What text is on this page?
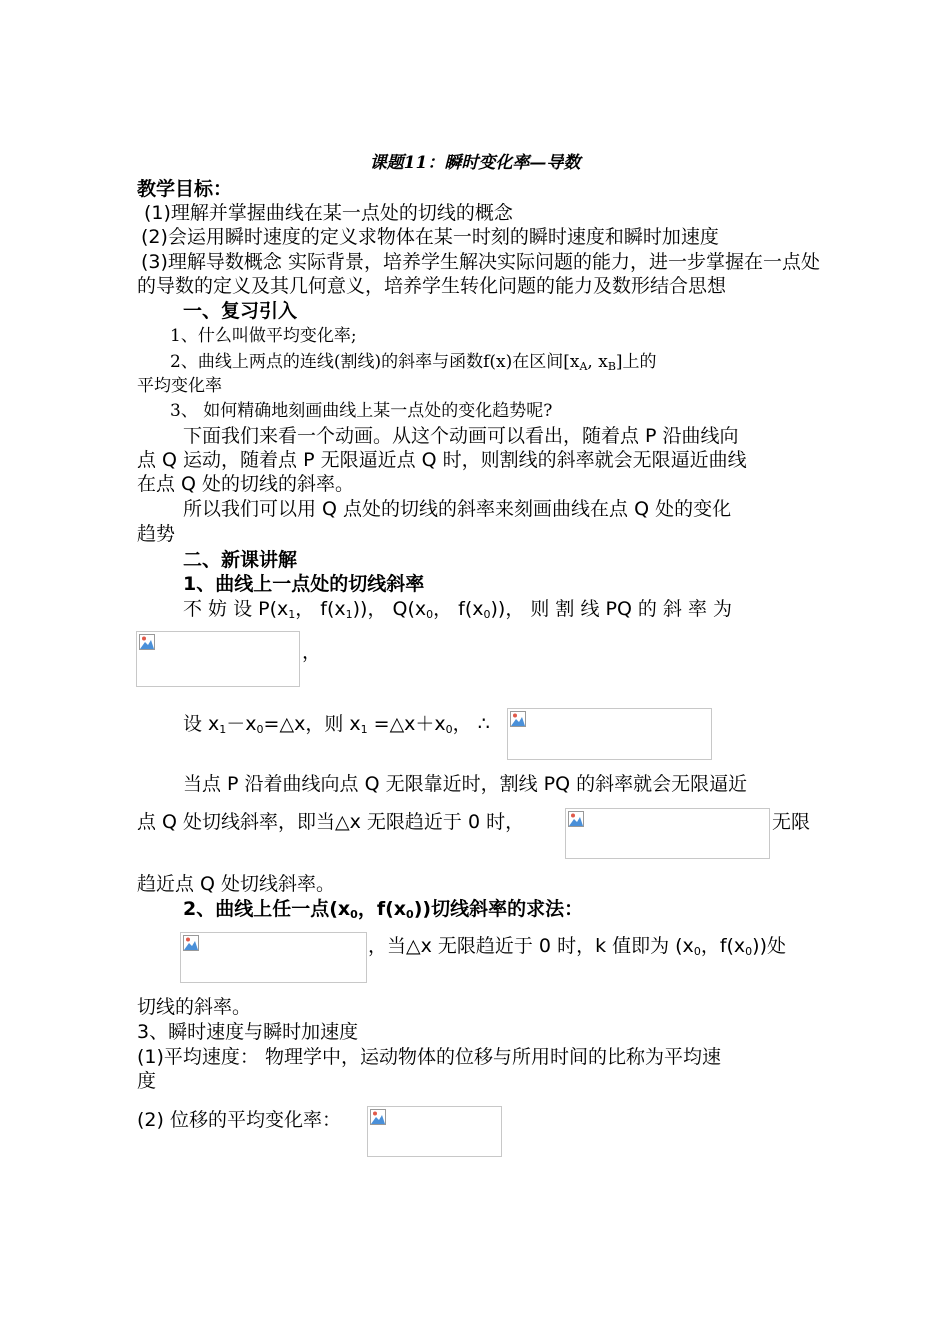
课题11：瞬时变化率—导数
教学目标：
(1)理解并掌握曲线在某一点处的切线的概念
(2)会运用瞬时速度的定义求物体在某一时刻的瞬时速度和瞬时加速度
(3)理解导数概念 实际背景，培养学生解决实际问题的能力，进一步掌握在一点处
的导数的定义及其几何意义，培养学生转化问题的能力及数形结合思想
一、复习引入
1、什么叫做平均变化率;
2、曲线上两点的连线(割线)的斜率与函数f(x)在区间[$x_A$, $x_B$]上的
平均变化率
3、 如何精确地刻画曲线上某一点处的变化趋势呢?
下面我们来看一个动画。从这个动画可以看出，随着点 P 沿曲线向
点 Q 运动，随着点 P 无限逼近点 Q 时，则割线的斜率就会无限逼近曲线
在点 Q 处的切线的斜率。
所以我们可以用 Q 点处的切线的斜率来刻画曲线在点 Q 处的变化
趋势
二、新课讲解
1、曲线上一点处的切线斜率
不 妨 设 $P(x_1$， $f(x_1)$)， $Q(x_0$， $f(x_0)$)， 则 割 线 PQ 的 斜 率 为
，
设 $x_1-x_0=\triangle x$，则 $x_1$ $=\triangle x+x_0$， ∴
当点 P 沿着曲线向点 Q 无限靠近时，割线 PQ 的斜率就会无限逼近
点 Q 处切线斜率，即当△x 无限趋近于 0 时，	无限
趋近点 Q 处切线斜率。
2、曲线上任一点($x_0$，$f(x_0)$)切线斜率的求法：
，当△x 无限趋近于 0 时，k 值即为 ($x_0$，$f(x_0)$)处
切线的斜率。
3、瞬时速度与瞬时加速度
(1)平均速度： 物理学中，运动物体的位移与所用时间的比称为平均速
度
(2) 位移的平均变化率：
